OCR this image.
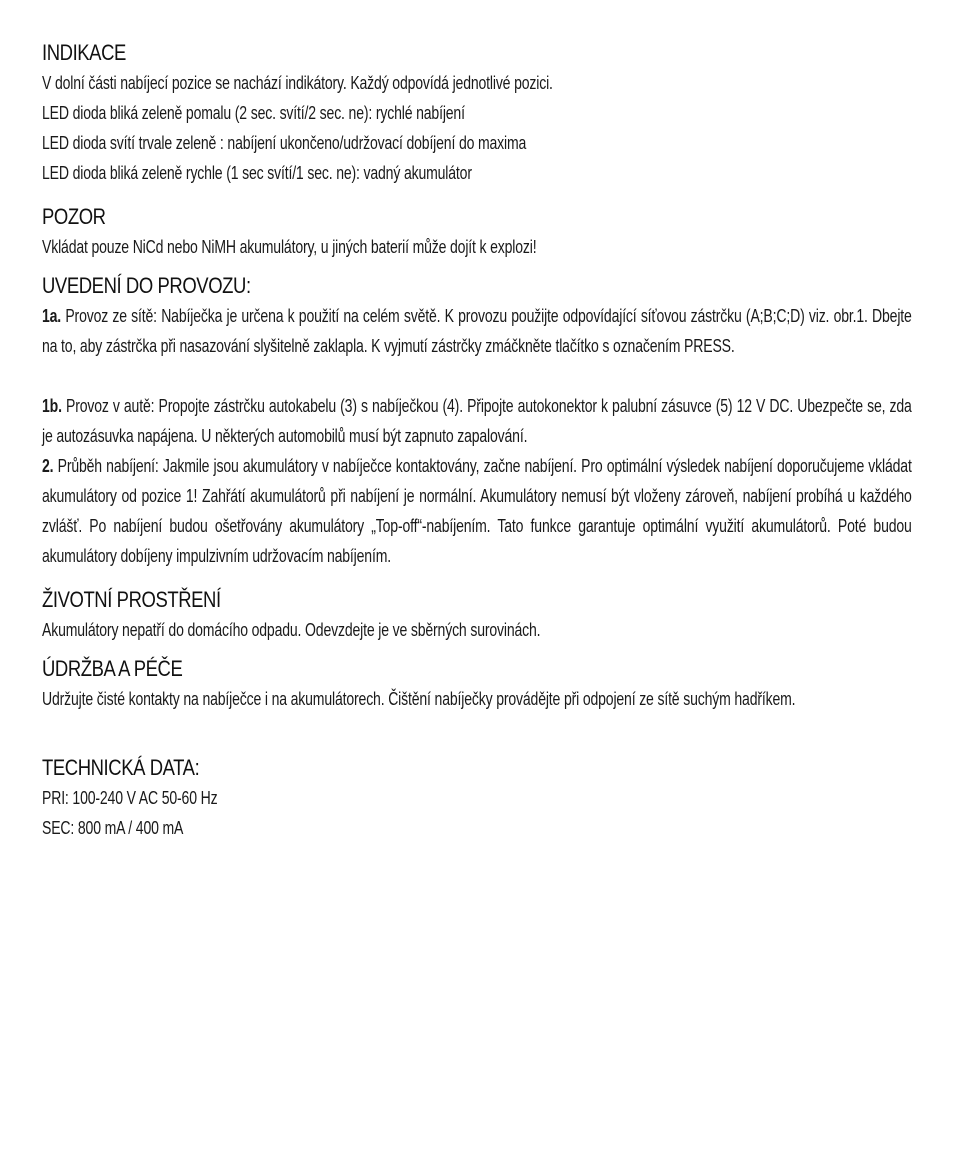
INDIKACE
V dolní části nabíjecí pozice se nachází indikátory. Každý odpovídá jednotlivé pozici.
LED dioda bliká zeleně pomalu (2 sec. svítí/2 sec. ne): rychlé nabíjení
LED dioda svítí trvale zeleně : nabíjení ukončeno/udržovací dobíjení do maxima
LED dioda bliká zeleně rychle (1 sec svítí/1 sec. ne): vadný akumulátor
POZOR
Vkládat pouze NiCd nebo NiMH akumulátory, u jiných baterií může dojít k explozi!
UVEDENÍ DO PROVOZU:

1a. Provoz ze sítě: Nabíječka je určena k použití na celém světě. K provozu použijte odpovídající síťovou zástrčku (A;B;C;D) viz. obr.1. Dbejte na to, aby zástrčka při nasazování slyšitelně zaklapla. K vyjmutí zástrčky zmáčkněte tlačítko s označením PRESS.

1b. Provoz v autě: Propojte zástrčku autokabelu (3) s nabíječkou (4). Připojte autokonektor k palubní zásuvce (5) 12 V DC. Ubezpečte se, zda je autozásuvka napájena. U některých automobilů musí být zapnuto zapalování.

2. Průběh nabíjení: Jakmile jsou akumulátory v nabíječce kontaktovány, začne nabíjení. Pro optimální výsledek nabíjení doporučujeme vkládat akumulátory od pozice 1! Zahřátí akumulátorů při nabíjení je normální. Akumulátory nemusí být vloženy zároveň, nabíjení probíhá u každého zvlášť. Po nabíjení budou ošetřovány akumulátory „Top-off“-nabíjením. Tato funkce garantuje optimální využití akumulátorů. Poté budou akumulátory dobíjeny impulzivním udržovacím nabíjením.

ŽIVOTNÍ PROSTŘENÍ
Akumulátory nepatří do domácího odpadu. Odevzdejte je ve sběrných surovinách.
ÚDRŽBA A PÉČE

Udržujte čisté kontakty na nabíječce i na akumulátorech. Čištění nabíječky provádějte při odpojení ze sítě suchým hadříkem.

TECHNICKÁ DATA:
PRI: 100-240 V AC 50-60 Hz
SEC: 800 mA / 400 mA
